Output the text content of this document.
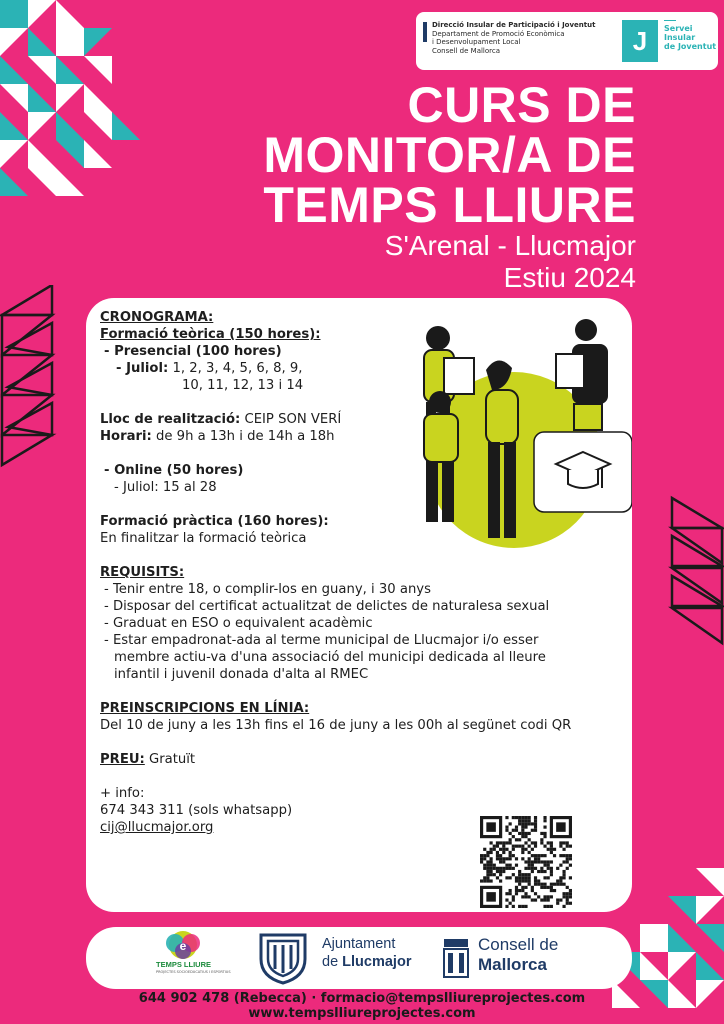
Direcció Insular de Participació i Joventut
Departament de Promoció Econòmica
i Desenvolupament Local
Consell de Mallorca	J	Servei
Insular
de Joventut
CURS DE
MONITOR/A DE
TEMPS LLIURE
S'Arenal - Llucmajor
Estiu 2024
CRONOGRAMA:
Formació teòrica (150 hores):
- Presencial (100 hores)
- Juliol: 1, 2, 3, 4, 5, 6, 8, 9,
10, 11, 12, 13 i 14
Lloc de realització: CEIP SON VERÍ
Horari: de 9h a 13h i de 14h a 18h
- Online (50 hores)
- Juliol: 15 al 28
Formació pràctica (160 hores):
En finalitzar la formació teòrica
REQUISITS:
- Tenir entre 18, o complir-los en guany, i 30 anys
- Disposar del certificat actualitzat de delictes de naturalesa sexual
- Graduat en ESO o equivalent acadèmic
- Estar empadronat-ada al terme municipal de Llucmajor i/o esser
membre actiu-va d'una associació del municipi dedicada al lleure
infantil i juvenil donada d'alta al RMEC
PREINSCRIPCIONS EN LÍNIA:
Del 10 de juny a les 13h fins el 16 de juny a les 00h al segünet codi QR
PREU: Gratuït
+ info:
674 343 311 (sols whatsapp)
cij@llucmajor.org
e
TEMPS LLIURE
PROJECTES SOCIOEDUCATIUS I ESPORTIUS
Ajuntament
de Llucmajor
Consell de
Mallorca
644 902 478 (Rebecca) · formacio@tempslliureprojectes.com
www.tempslliureprojectes.com
